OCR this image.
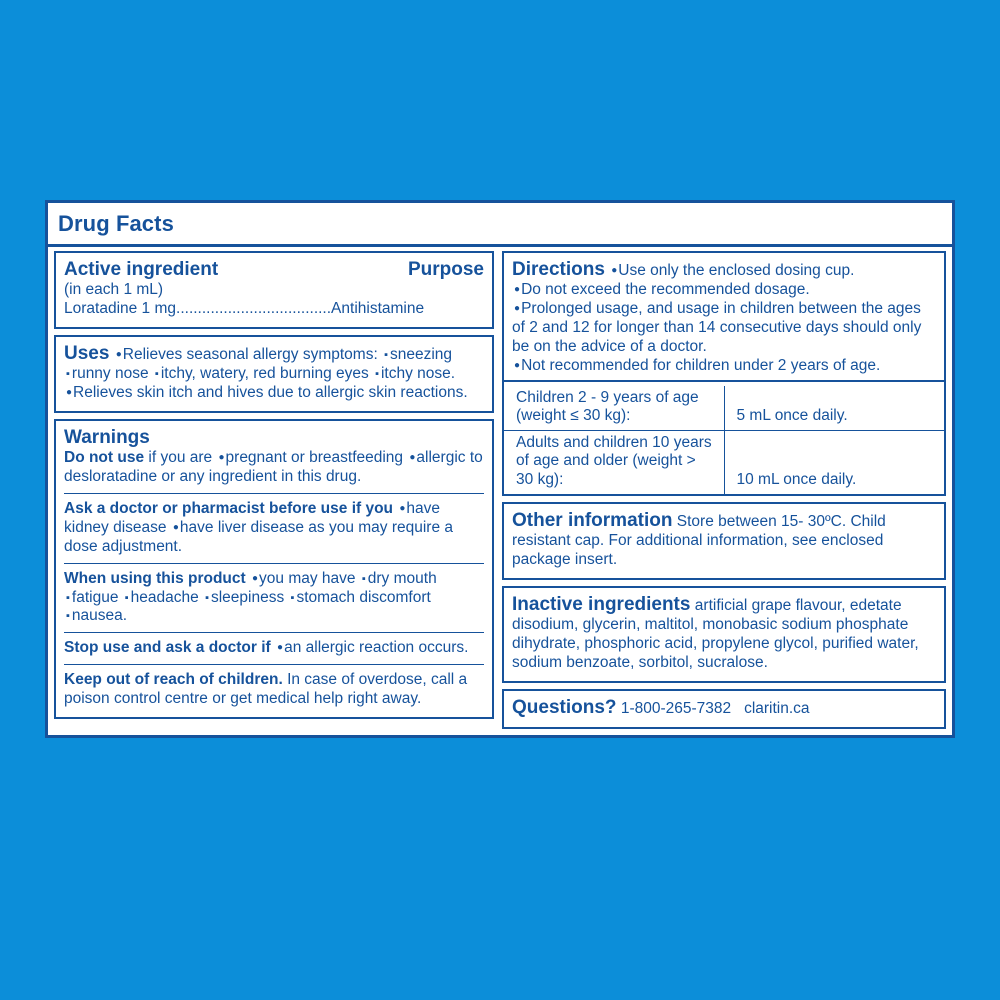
Drug Facts
Active ingredient	Purpose
(in each 1 mL)
Loratadine 1 mg....................................Antihistamine

Uses ● Relieves seasonal allergy symptoms: ▪ sneezing ▪ runny nose ▪ itchy, watery, red burning eyes ▪ itchy nose. ● Relieves skin itch and hives due to allergic skin reactions.

Warnings

Do not use if you are ● pregnant or breastfeeding ● allergic to desloratadine or any ingredient in this drug.

Ask a doctor or pharmacist before use if you ● have kidney disease ● have liver disease as you may require a dose adjustment.

When using this product ● you may have ▪ dry mouth ▪ fatigue ▪ headache ▪ sleepiness ▪ stomach discomfort ▪ nausea.

Stop use and ask a doctor if ● an allergic reaction occurs.

Keep out of reach of children. In case of overdose, call a poison control centre or get medical help right away.

Directions ● Use only the enclosed dosing cup.
● Do not exceed the recommended dosage.
● Prolonged usage, and usage in children between the ages of 2 and 12 for longer than 14 consecutive days should only be on the advice of a doctor.
● Not recommended for children under 2 years of age.

Children 2 - 9 years of age (weight ≤ 30 kg):	5 mL once daily.
Adults and children 10 years of age and older (weight > 30 kg):	10 mL once daily.

Other information Store between 15- 30ºC. Child resistant cap. For additional information, see enclosed package insert.

Inactive ingredients artificial grape flavour, edetate disodium, glycerin, maltitol, monobasic sodium phosphate dihydrate, phosphoric acid, propylene glycol, purified water, sodium benzoate, sorbitol, sucralose.

Questions? 1-800-265-7382 claritin.ca
